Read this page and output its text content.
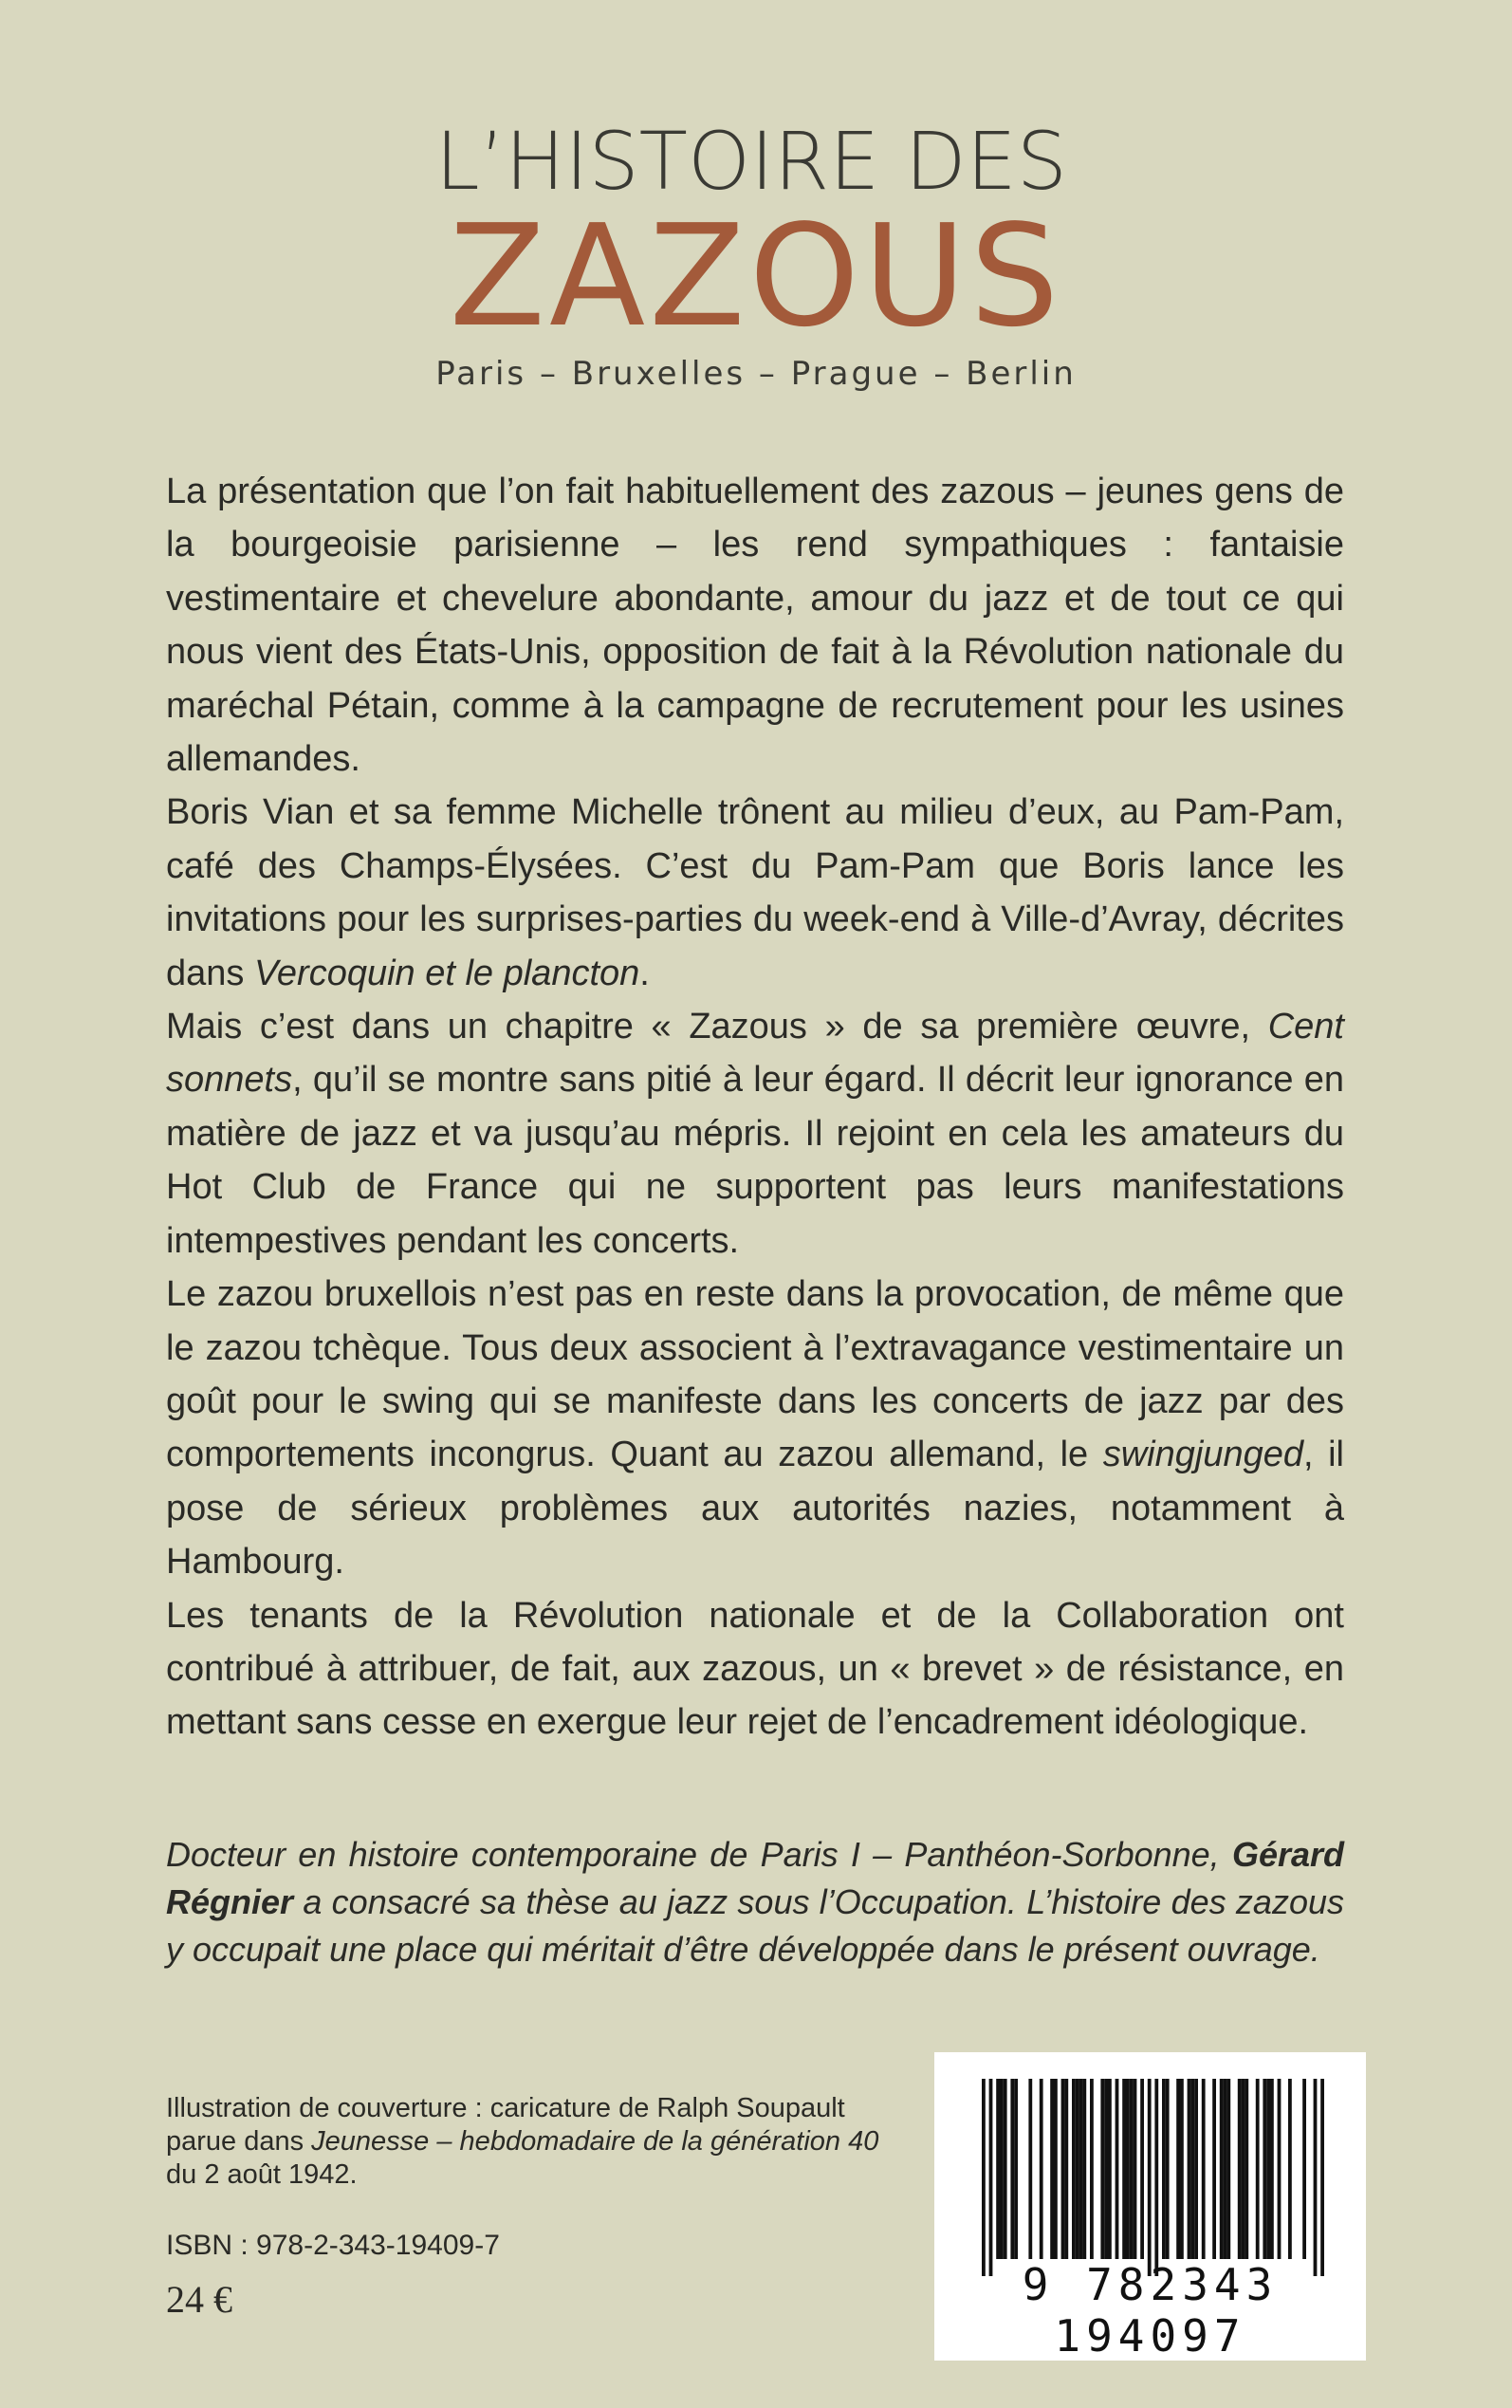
L’HISTOIRE DES
ZAZOUS
Paris – Bruxelles – Prague – Berlin

La présentation que l’on fait habituellement des zazous – jeunes gens de la bourgeoisie parisienne – les rend sympathiques : fantaisie vestimentaire et chevelure abondante, amour du jazz et de tout ce qui nous vient des États-Unis, opposition de fait à la Révolution nationale du maréchal Pétain, comme à la campagne de recrutement pour les usines allemandes.

Boris Vian et sa femme Michelle trônent au milieu d’eux, au Pam-Pam, café des Champs-Élysées. C’est du Pam-Pam que Boris lance les invitations pour les surprises-parties du week-end à Ville-d’Avray, décrites dans Vercoquin et le plancton.

Mais c’est dans un chapitre « Zazous » de sa première œuvre, Cent sonnets, qu’il se montre sans pitié à leur égard. Il décrit leur ignorance en matière de jazz et va jusqu’au mépris. Il rejoint en cela les amateurs du Hot Club de France qui ne supportent pas leurs manifestations intempestives pendant les concerts.

Le zazou bruxellois n’est pas en reste dans la provocation, de même que le zazou tchèque. Tous deux associent à l’extravagance vestimentaire un goût pour le swing qui se manifeste dans les concerts de jazz par des comportements incongrus. Quant au zazou allemand, le swingjunged, il pose de sérieux problèmes aux autorités nazies, notamment à Hambourg.

Les tenants de la Révolution nationale et de la Collaboration ont contribué à attribuer, de fait, aux zazous, un « brevet » de résistance, en mettant sans cesse en exergue leur rejet de l’encadrement idéologique.

Docteur en histoire contemporaine de Paris I – Panthéon-Sorbonne, Gérard Régnier a consacré sa thèse au jazz sous l’Occupation. L’histoire des zazous y occupait une place qui méritait d’être développée dans le présent ouvrage.

Illustration de couverture : caricature de Ralph Soupault

parue dans Jeunesse – hebdomadaire de la génération 40

du 2 août 1942.

ISBN : 978-2-343-19409-7
24 €	9 782343 194097
